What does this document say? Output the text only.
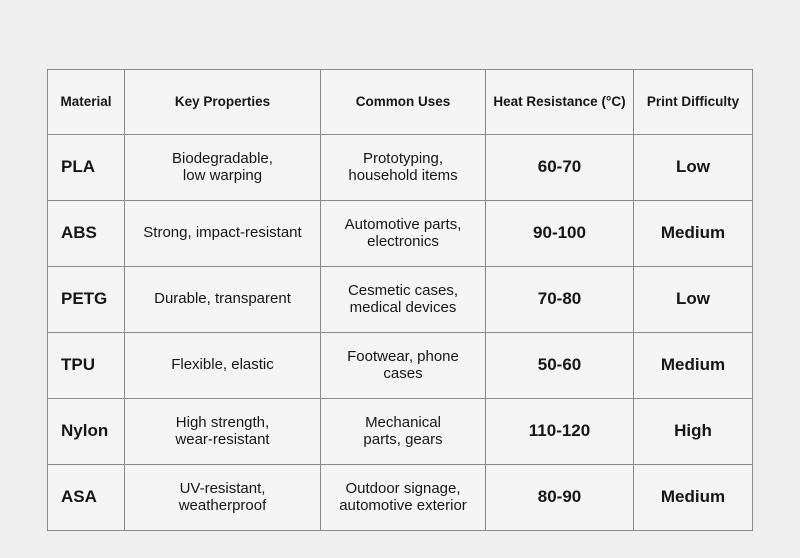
Material	Key Properties	Common Uses	Heat Resistance (°C)	Print Difficulty
PLA	Biodegradable, low warping	Prototyping, household items	60-70	Low
ABS	Strong, impact-resistant	Automotive parts, electronics	90-100	Medium
PETG	Durable, transparent	Cesmetic cases, medical devices	70-80	Low
TPU	Flexible, elastic	Footwear, phone cases	50-60	Medium
Nylon	High strength, wear-resistant	Mechanical parts, gears	110-120	High
ASA	UV-resistant, weatherproof	Outdoor signage, automotive exterior	80-90	Medium
